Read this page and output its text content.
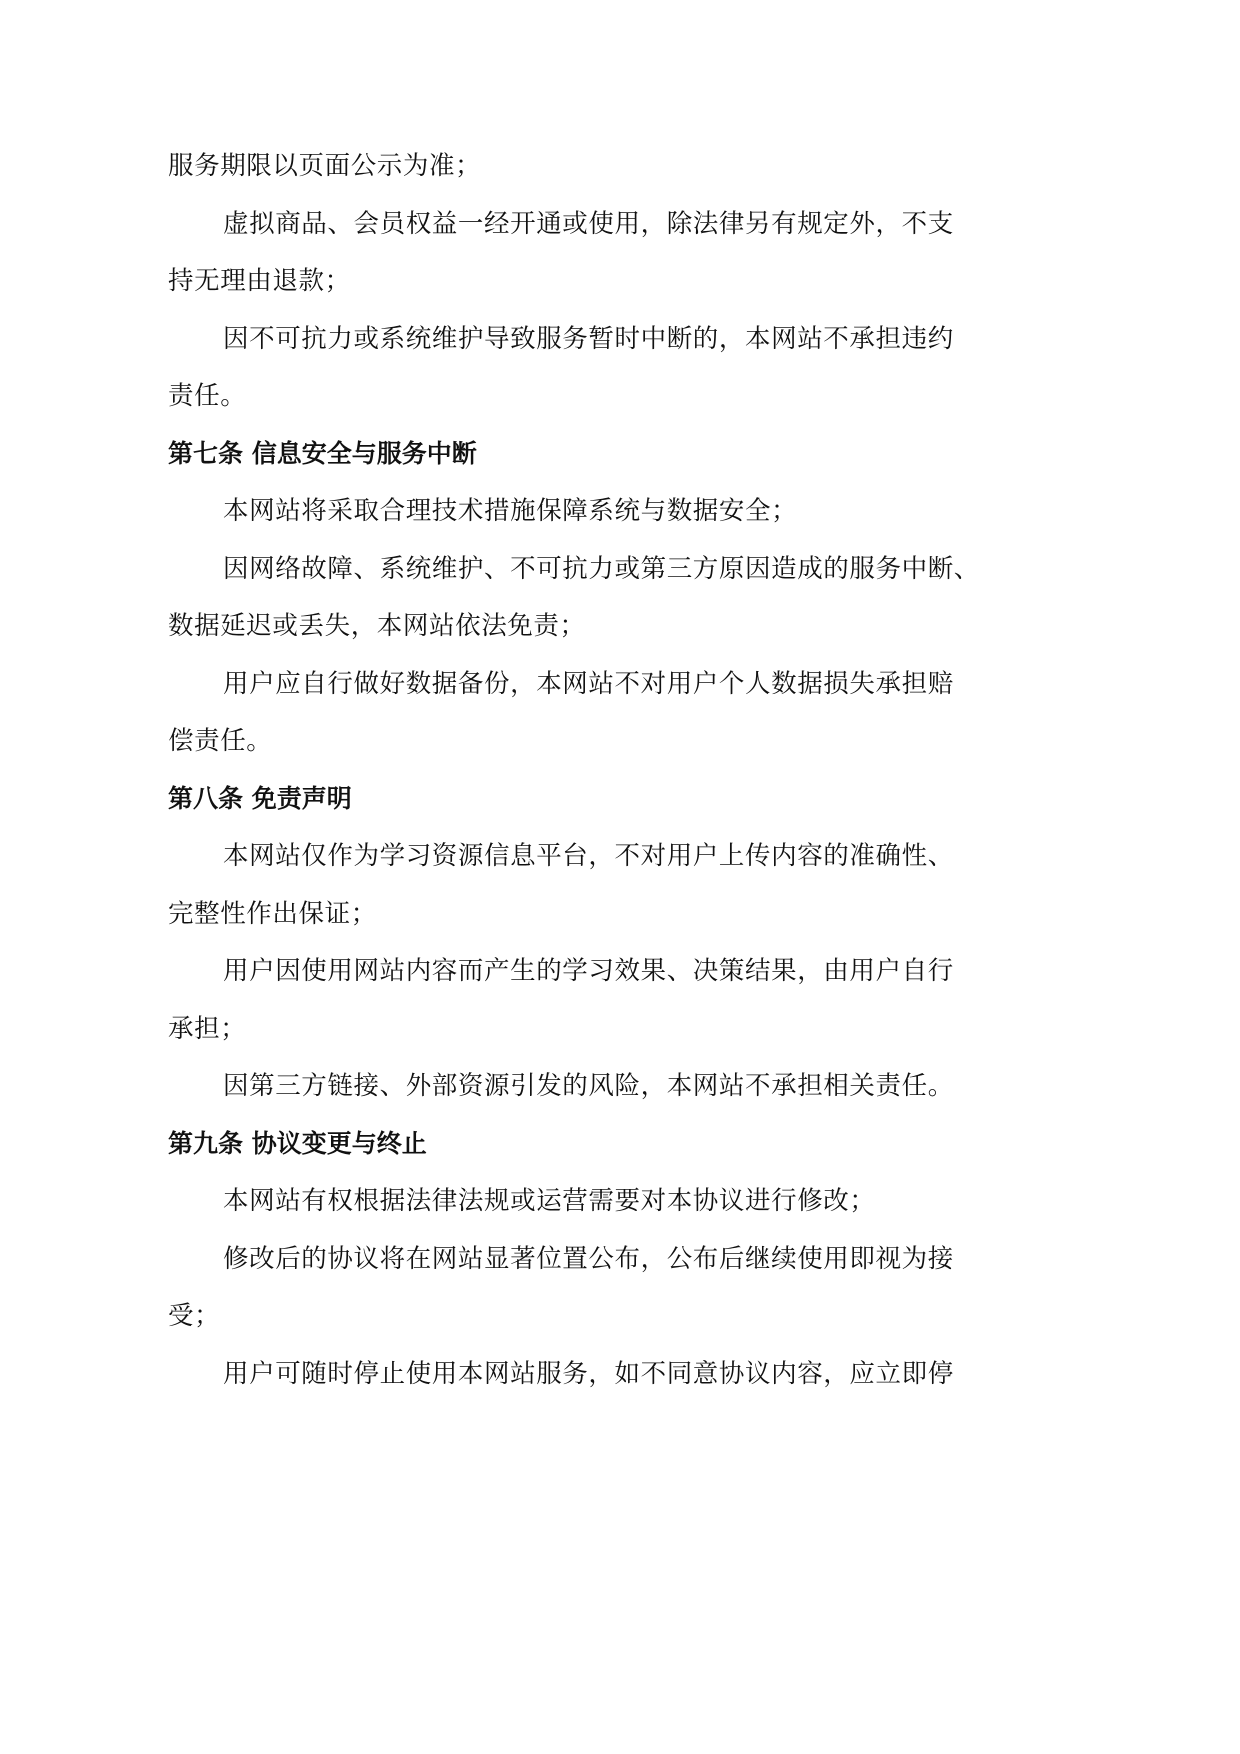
服务期限以页面公示为准；
虚拟商品、会员权益一经开通或使用，除法律另有规定外，不支
持无理由退款；
因不可抗力或系统维护导致服务暂时中断的，本网站不承担违约
责任。
第七条 信息安全与服务中断
本网站将采取合理技术措施保障系统与数据安全；
因网络故障、系统维护、不可抗力或第三方原因造成的服务中断、
数据延迟或丢失，本网站依法免责；
用户应自行做好数据备份，本网站不对用户个人数据损失承担赔
偿责任。
第八条 免责声明
本网站仅作为学习资源信息平台，不对用户上传内容的准确性、
完整性作出保证；
用户因使用网站内容而产生的学习效果、决策结果，由用户自行
承担；
因第三方链接、外部资源引发的风险，本网站不承担相关责任。
第九条 协议变更与终止
本网站有权根据法律法规或运营需要对本协议进行修改；
修改后的协议将在网站显著位置公布，公布后继续使用即视为接
受；
用户可随时停止使用本网站服务，如不同意协议内容，应立即停
